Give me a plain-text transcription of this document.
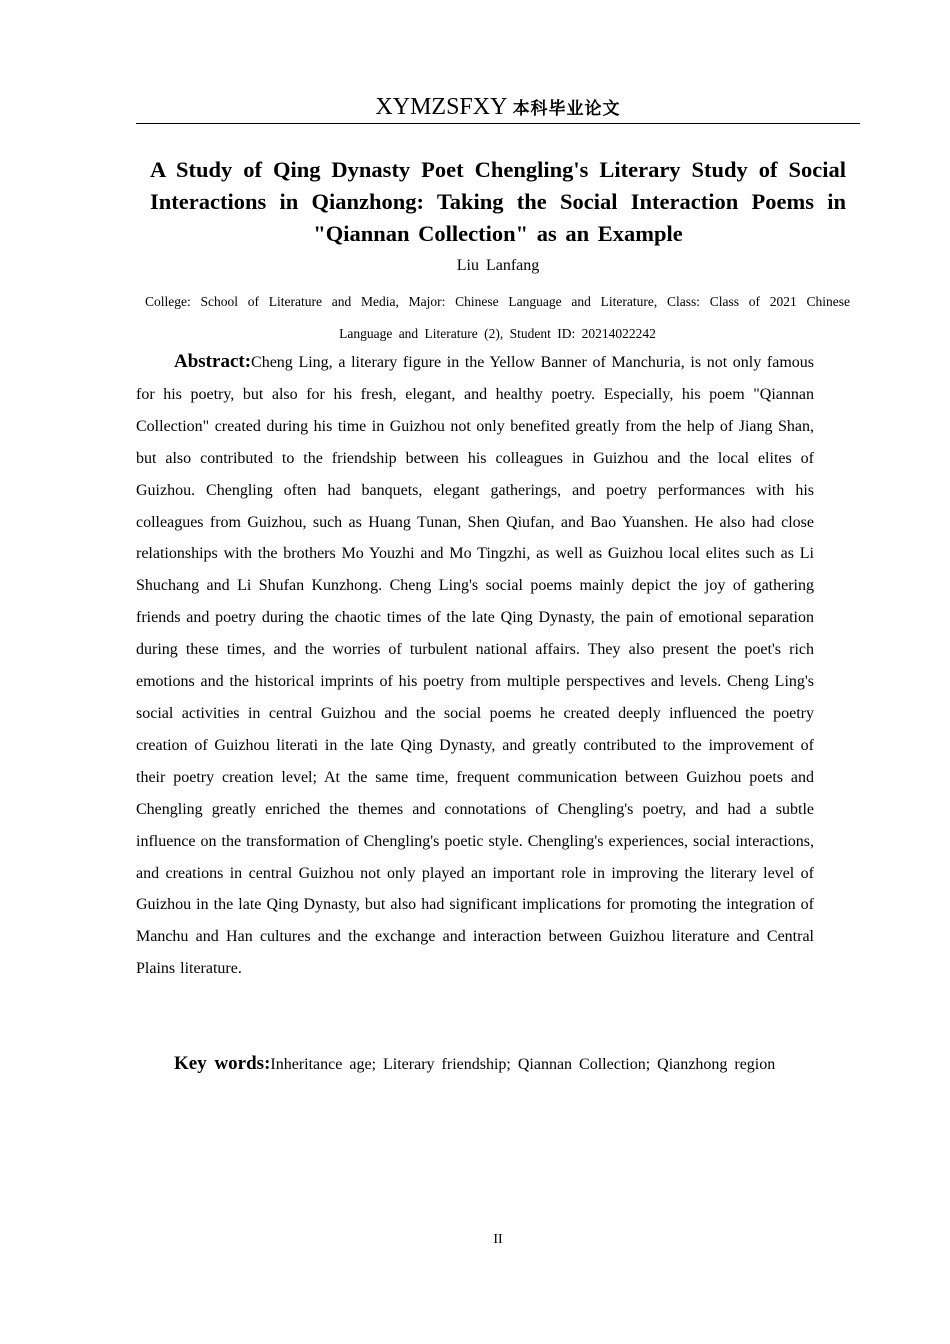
XYMZSFXY 本科毕业论文
A Study of Qing Dynasty Poet Chengling's Literary Study of Social Interactions in Qianzhong: Taking the Social Interaction Poems in "Qiannan Collection" as an Example
Liu Lanfang
College: School of Literature and Media, Major: Chinese Language and Literature, Class: Class of 2021 Chinese Language and Literature (2), Student ID: 20214022242

Abstract:Cheng Ling, a literary figure in the Yellow Banner of Manchuria, is not only famous for his poetry, but also for his fresh, elegant, and healthy poetry. Especially, his poem "Qiannan Collection" created during his time in Guizhou not only benefited greatly from the help of Jiang Shan, but also contributed to the friendship between his colleagues in Guizhou and the local elites of Guizhou. Chengling often had banquets, elegant gatherings, and poetry performances with his colleagues from Guizhou, such as Huang Tunan, Shen Qiufan, and Bao Yuanshen. He also had close relationships with the brothers Mo Youzhi and Mo Tingzhi, as well as Guizhou local elites such as Li Shuchang and Li Shufan Kunzhong. Cheng Ling's social poems mainly depict the joy of gathering friends and poetry during the chaotic times of the late Qing Dynasty, the pain of emotional separation during these times, and the worries of turbulent national affairs. They also present the poet's rich emotions and the historical imprints of his poetry from multiple perspectives and levels. Cheng Ling's social activities in central Guizhou and the social poems he created deeply influenced the poetry creation of Guizhou literati in the late Qing Dynasty, and greatly contributed to the improvement of their poetry creation level; At the same time, frequent communication between Guizhou poets and Chengling greatly enriched the themes and connotations of Chengling's poetry, and had a subtle influence on the transformation of Chengling's poetic style. Chengling's experiences, social interactions, and creations in central Guizhou not only played an important role in improving the literary level of Guizhou in the late Qing Dynasty, but also had significant implications for promoting the integration of Manchu and Han cultures and the exchange and interaction between Guizhou literature and Central Plains literature.

Key words:Inheritance age; Literary friendship; Qiannan Collection; Qianzhong region

II
